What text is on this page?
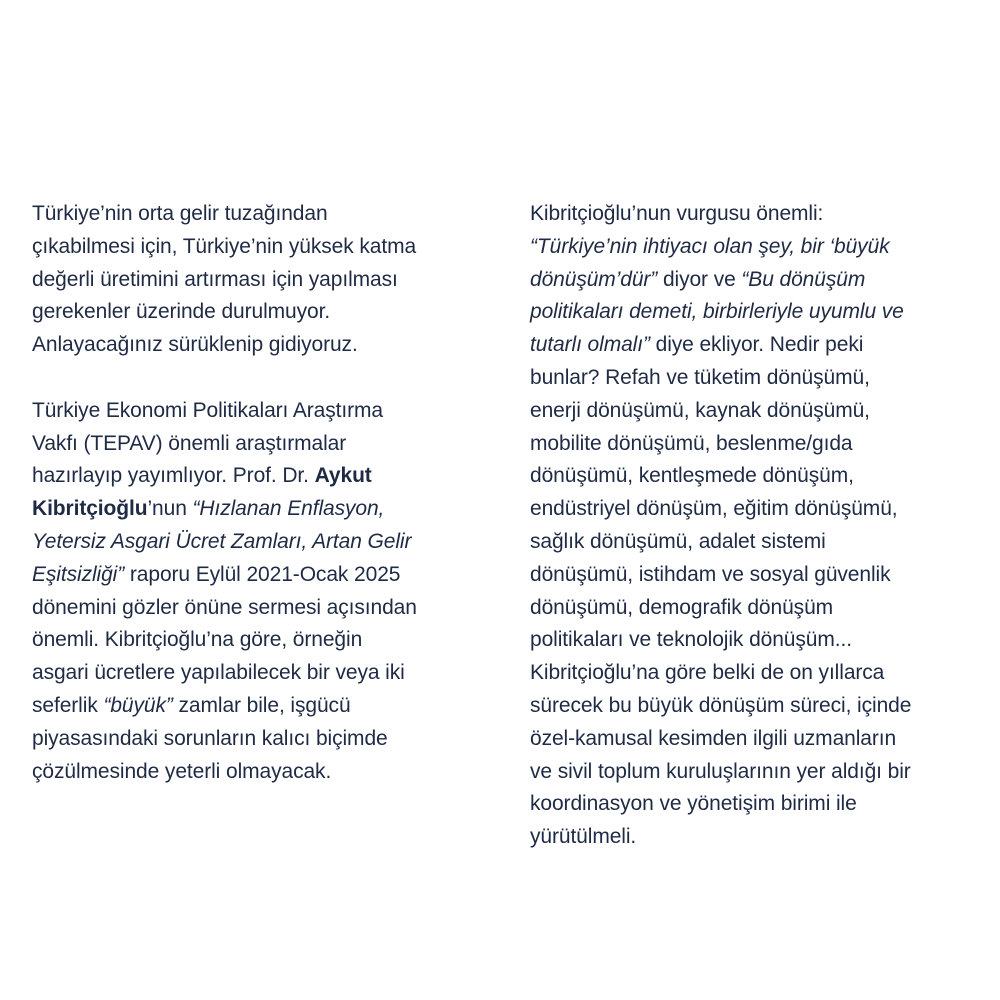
Türkiye’nin orta gelir tuzağından
çıkabilmesi için, Türkiye’nin yüksek katma
değerli üretimini artırması için yapılması
gerekenler üzerinde durulmuyor.
Anlayacağınız sürüklenip gidiyoruz.

Türkiye Ekonomi Politikaları Araştırma
Vakfı (TEPAV) önemli araştırmalar
hazırlayıp yayımlıyor. Prof. Dr. Aykut
Kibritçioğlu’nun “Hızlanan Enflasyon,
Yetersiz Asgari Ücret Zamları, Artan Gelir
Eşitsizliği” raporu Eylül 2021-Ocak 2025
dönemini gözler önüne sermesi açısından
önemli. Kibritçioğlu’na göre, örneğin
asgari ücretlere yapılabilecek bir veya iki
seferlik “büyük” zamlar bile, işgücü
piyasasındaki sorunların kalıcı biçimde
çözülmesinde yeterli olmayacak.

Kibritçioğlu’nun vurgusu önemli:
“Türkiye’nin ihtiyacı olan şey, bir ‘büyük
dönüşüm’dür” diyor ve “Bu dönüşüm
politikaları demeti, birbirleriyle uyumlu ve
tutarlı olmalı” diye ekliyor. Nedir peki
bunlar? Refah ve tüketim dönüşümü,
enerji dönüşümü, kaynak dönüşümü,
mobilite dönüşümü, beslenme/gıda
dönüşümü, kentleşmede dönüşüm,
endüstriyel dönüşüm, eğitim dönüşümü,
sağlık dönüşümü, adalet sistemi
dönüşümü, istihdam ve sosyal güvenlik
dönüşümü, demografik dönüşüm
politikaları ve teknolojik dönüşüm...
Kibritçioğlu’na göre belki de on yıllarca
sürecek bu büyük dönüşüm süreci, içinde
özel-kamusal kesimden ilgili uzmanların
ve sivil toplum kuruluşlarının yer aldığı bir
koordinasyon ve yönetişim birimi ile
yürütülmeli.
